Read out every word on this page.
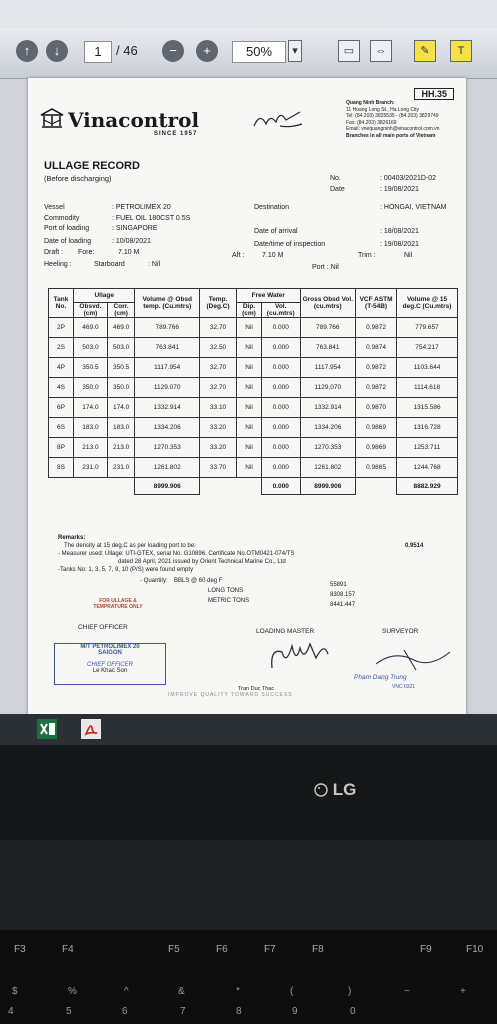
↑	↓	1	/ 46	−	+	50%	▾	▭	⇔	✎	T
HH.35
Vinacontrol
SINCE 1957
Quang Ninh Branch:
11 Hoang Long St., Ha Long City
Tel: (84.203) 3825535 - (84.203) 3829749
Fax: (84.203) 3826169
Email: vnequangninh@vinacontrol.com.vn
Branches in all main ports of Vietnam
ULLAGE RECORD
(Before discharging)	No.	: 00403/2021D-02
Date	: 19/08/2021
Vessel	: PETROLIMEX 20	Destination	: HONGAI, VIETNAM
Commodity	: FUEL OIL 180CST 0.5S
Port of loading	: SINGAPORE	Date of arrival	: 18/08/2021
Date of loading	: 10/08/2021	Date/time of inspection	: 19/08/2021
Draft : Fore:	7.10 M	Aft :	7.10 M	Trim :	Nil
Heeling :	Starboard	: Nil	Port : Nil
Tank No.	Ullage		Volume @ Obsd temp. (Cu.mtrs)	Temp. (Deg.C)	Free Water		Gross Obsd Vol. (cu.mtrs)	VCF ASTM (T-54B)	Volume @ 15 deg.C (Cu.mtrs)
	Obsvd. (cm)	Corr. (cm)			Dip. (cm)	Vol. (cu.mtrs)			
2P	469.0	469.0	789.766	32.70	Nil	0.000	789.766	0.9872	779.657
2S	503.0	503.0	763.841	32.50	Nil	0.000	763.841	0.9874	754.217
4P	350.5	350.5	1117.954	32.70	Nil	0.000	1117.954	0.9872	1103.644
4S	350.0	350.0	1129.070	32.70	Nil	0.000	1129.070	0.9872	1114.618
6P	174.0	174.0	1332.914	33.10	Nil	0.000	1332.914	0.9870	1315.586
6S	183.0	183.0	1334.206	33.20	Nil	0.000	1334.206	0.9869	1316.728
8P	213.0	213.0	1270.353	33.20	Nil	0.000	1270.353	0.9869	1253.711
8S	231.0	231.0	1261.802	33.70	Nil	0.000	1261.802	0.9865	1244.768
			8999.906			0.000	8999.906		8882.929
Remarks:
The density at 15 deg.C as per loading port to be:
- Measurer used: Ullage: UTI-GTEX, serial No. G10896. Certificate No.OTM0421-074/TS
dated 28 April, 2021 issued by Orient Technical Marine Co., Ltd
-Tanks No: 1, 3, 5, 7, 9, 10 (P/S) were found empty
0.9514
- Quantity: BBLS @ 60 deg F
55891
LONG TONS
8308.157
METRIC TONS
8441.447
FOR ULLAGE & TEMPRATURE ONLY
CHIEF OFFICER
LOADING MASTER	SURVEYOR
M/T PETROLIMEX 20
SAIGON
CHIEF OFFICER
Le Khac Son
Tran Duc Thac
Pham Dang Trung
VNC 0321
IMPROVE QUALITY TOWARD SUCCESS
LG
F3	F4	F5	F6	F7	F8	F9	F10
$	%	^	&	*	(	)	−	+
4	5	6	7	8	9	0
